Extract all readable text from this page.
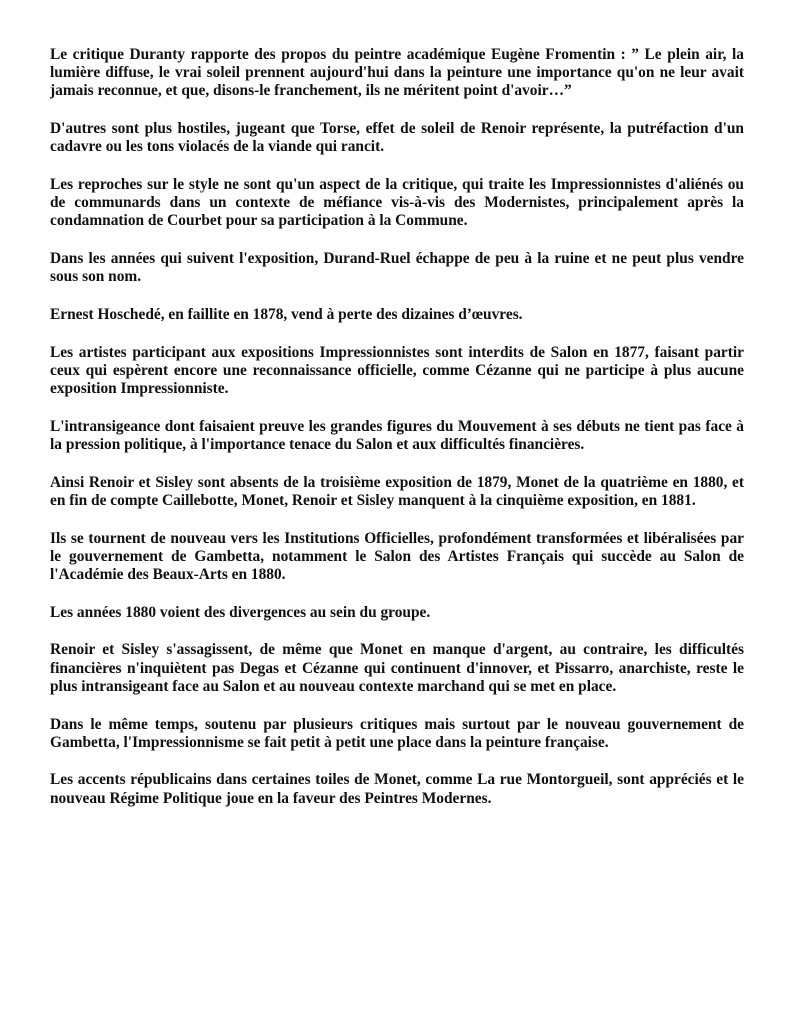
Le critique Duranty rapporte des propos du peintre académique Eugène Fromentin : ” Le plein air, la lumière diffuse, le vrai soleil prennent aujourd'hui dans la peinture une importance qu'on ne leur avait jamais reconnue, et que, disons-le franchement, ils ne méritent point d'avoir…”

D'autres sont plus hostiles, jugeant que Torse, effet de soleil de Renoir représente, la putréfaction d'un cadavre ou les tons violacés de la viande qui rancit.

Les reproches sur le style ne sont qu'un aspect de la critique, qui traite les Impressionnistes d'aliénés ou de communards dans un contexte de méfiance vis-à-vis des Modernistes, principalement après la condamnation de Courbet pour sa participation à la Commune.

Dans les années qui suivent l'exposition, Durand-Ruel échappe de peu à la ruine et ne peut plus vendre sous son nom.

Ernest Hoschedé, en faillite en 1878, vend à perte des dizaines d’œuvres.

Les artistes participant aux expositions Impressionnistes sont interdits de Salon en 1877, faisant partir ceux qui espèrent encore une reconnaissance officielle, comme Cézanne qui ne participe à plus aucune exposition Impressionniste.

L'intransigeance dont faisaient preuve les grandes figures du Mouvement à ses débuts ne tient pas face à la pression politique, à l'importance tenace du Salon et aux difficultés financières.

Ainsi Renoir et Sisley sont absents de la troisième exposition de 1879, Monet de la quatrième en 1880, et en fin de compte Caillebotte, Monet, Renoir et Sisley manquent à la cinquième exposition, en 1881.

Ils se tournent de nouveau vers les Institutions Officielles, profondément transformées et libéralisées par le gouvernement de Gambetta, notamment le Salon des Artistes Français qui succède au Salon de l'Académie des Beaux-Arts en 1880.

Les années 1880 voient des divergences au sein du groupe.

Renoir et Sisley s'assagissent, de même que Monet en manque d'argent, au contraire, les difficultés financières n'inquiètent pas Degas et Cézanne qui continuent d'innover, et Pissarro, anarchiste, reste le plus intransigeant face au Salon et au nouveau contexte marchand qui se met en place.

Dans le même temps, soutenu par plusieurs critiques mais surtout par le nouveau gouvernement de Gambetta, l'Impressionnisme se fait petit à petit une place dans la peinture française.

Les accents républicains dans certaines toiles de Monet, comme La rue Montorgueil, sont appréciés et le nouveau Régime Politique joue en la faveur des Peintres Modernes.
